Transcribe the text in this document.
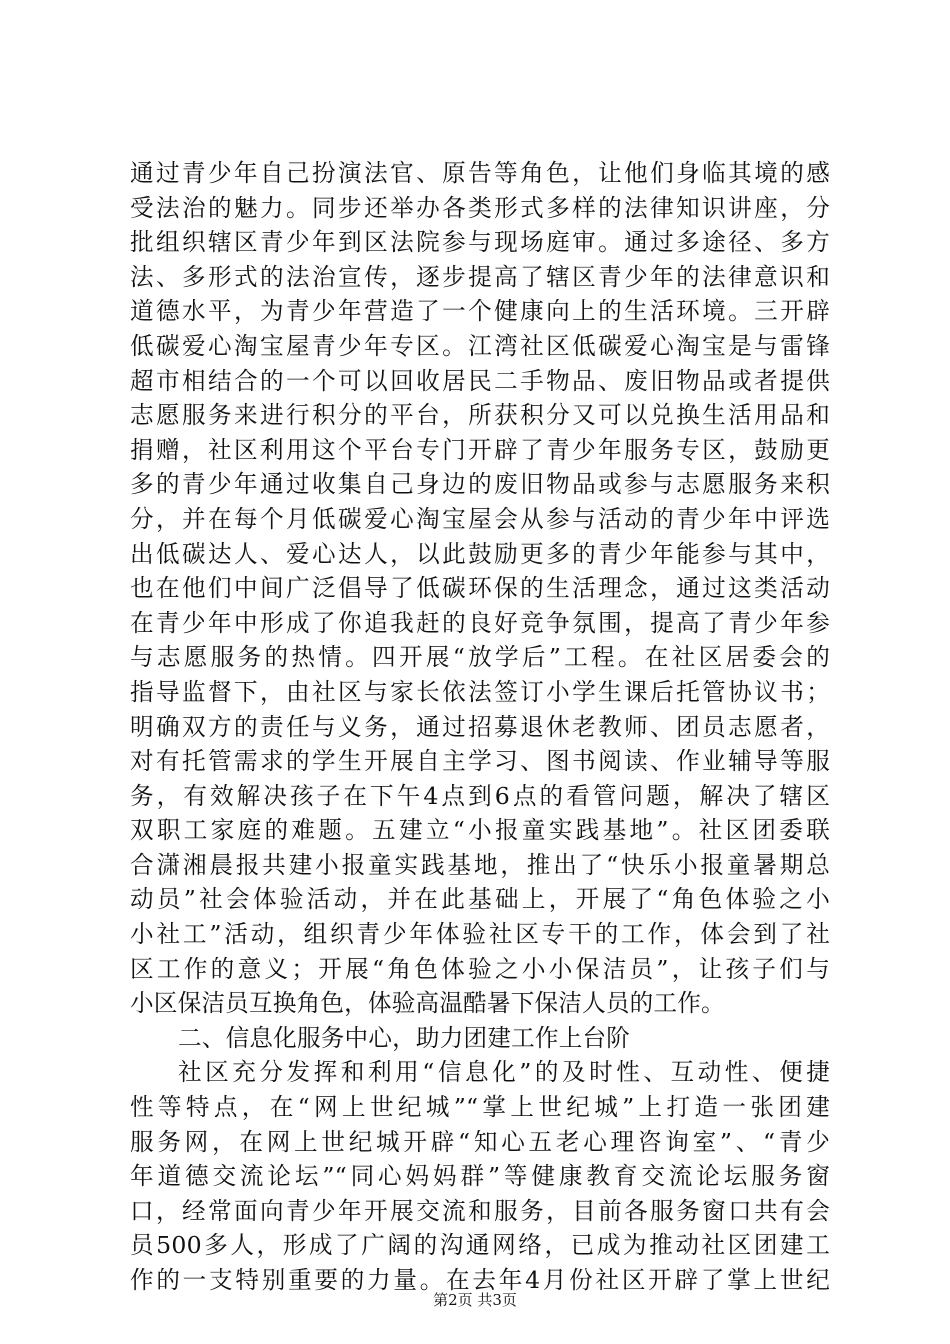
通过青少年自己扮演法官、原告等角色，让他们身临其境的感
受法治的魅力。同步还举办各类形式多样的法律知识讲座，分
批组织辖区青少年到区法院参与现场庭审。通过多途径、多方
法、多形式的法治宣传，逐步提高了辖区青少年的法律意识和
道德水平，为青少年营造了一个健康向上的生活环境。三开辟
低碳爱心淘宝屋青少年专区。江湾社区低碳爱心淘宝是与雷锋
超市相结合的一个可以回收居民二手物品、废旧物品或者提供
志愿服务来进行积分的平台，所获积分又可以兑换生活用品和
捐赠，社区利用这个平台专门开辟了青少年服务专区，鼓励更
多的青少年通过收集自己身边的废旧物品或参与志愿服务来积
分，并在每个月低碳爱心淘宝屋会从参与活动的青少年中评选
出低碳达人、爱心达人，以此鼓励更多的青少年能参与其中，
也在他们中间广泛倡导了低碳环保的生活理念，通过这类活动
在青少年中形成了你追我赶的良好竞争氛围，提高了青少年参
与志愿服务的热情。四开展“放学后”工程。在社区居委会的
指导监督下，由社区与家长依法签订小学生课后托管协议书；
明确双方的责任与义务，通过招募退休老教师、团员志愿者，
对有托管需求的学生开展自主学习、图书阅读、作业辅导等服
务，有效解决孩子在下午4点到6点的看管问题，解决了辖区
双职工家庭的难题。五建立“小报童实践基地”。社区团委联
合潇湘晨报共建小报童实践基地，推出了“快乐小报童暑期总
动员”社会体验活动，并在此基础上，开展了“角色体验之小
小社工”活动，组织青少年体验社区专干的工作，体会到了社
区工作的意义；开展“角色体验之小小保洁员”，让孩子们与
小区保洁员互换角色，体验高温酷暑下保洁人员的工作。
二、信息化服务中心，助力团建工作上台阶
社区充分发挥和利用“信息化”的及时性、互动性、便捷
性等特点，在“网上世纪城”“掌上世纪城”上打造一张团建
服务网，在网上世纪城开辟“知心五老心理咨询室”、“青少
年道德交流论坛”“同心妈妈群”等健康教育交流论坛服务窗
口，经常面向青少年开展交流和服务，目前各服务窗口共有会
员500多人，形成了广阔的沟通网络，已成为推动社区团建工
作的一支特别重要的力量。在去年4月份社区开辟了掌上世纪
第2页 共3页
